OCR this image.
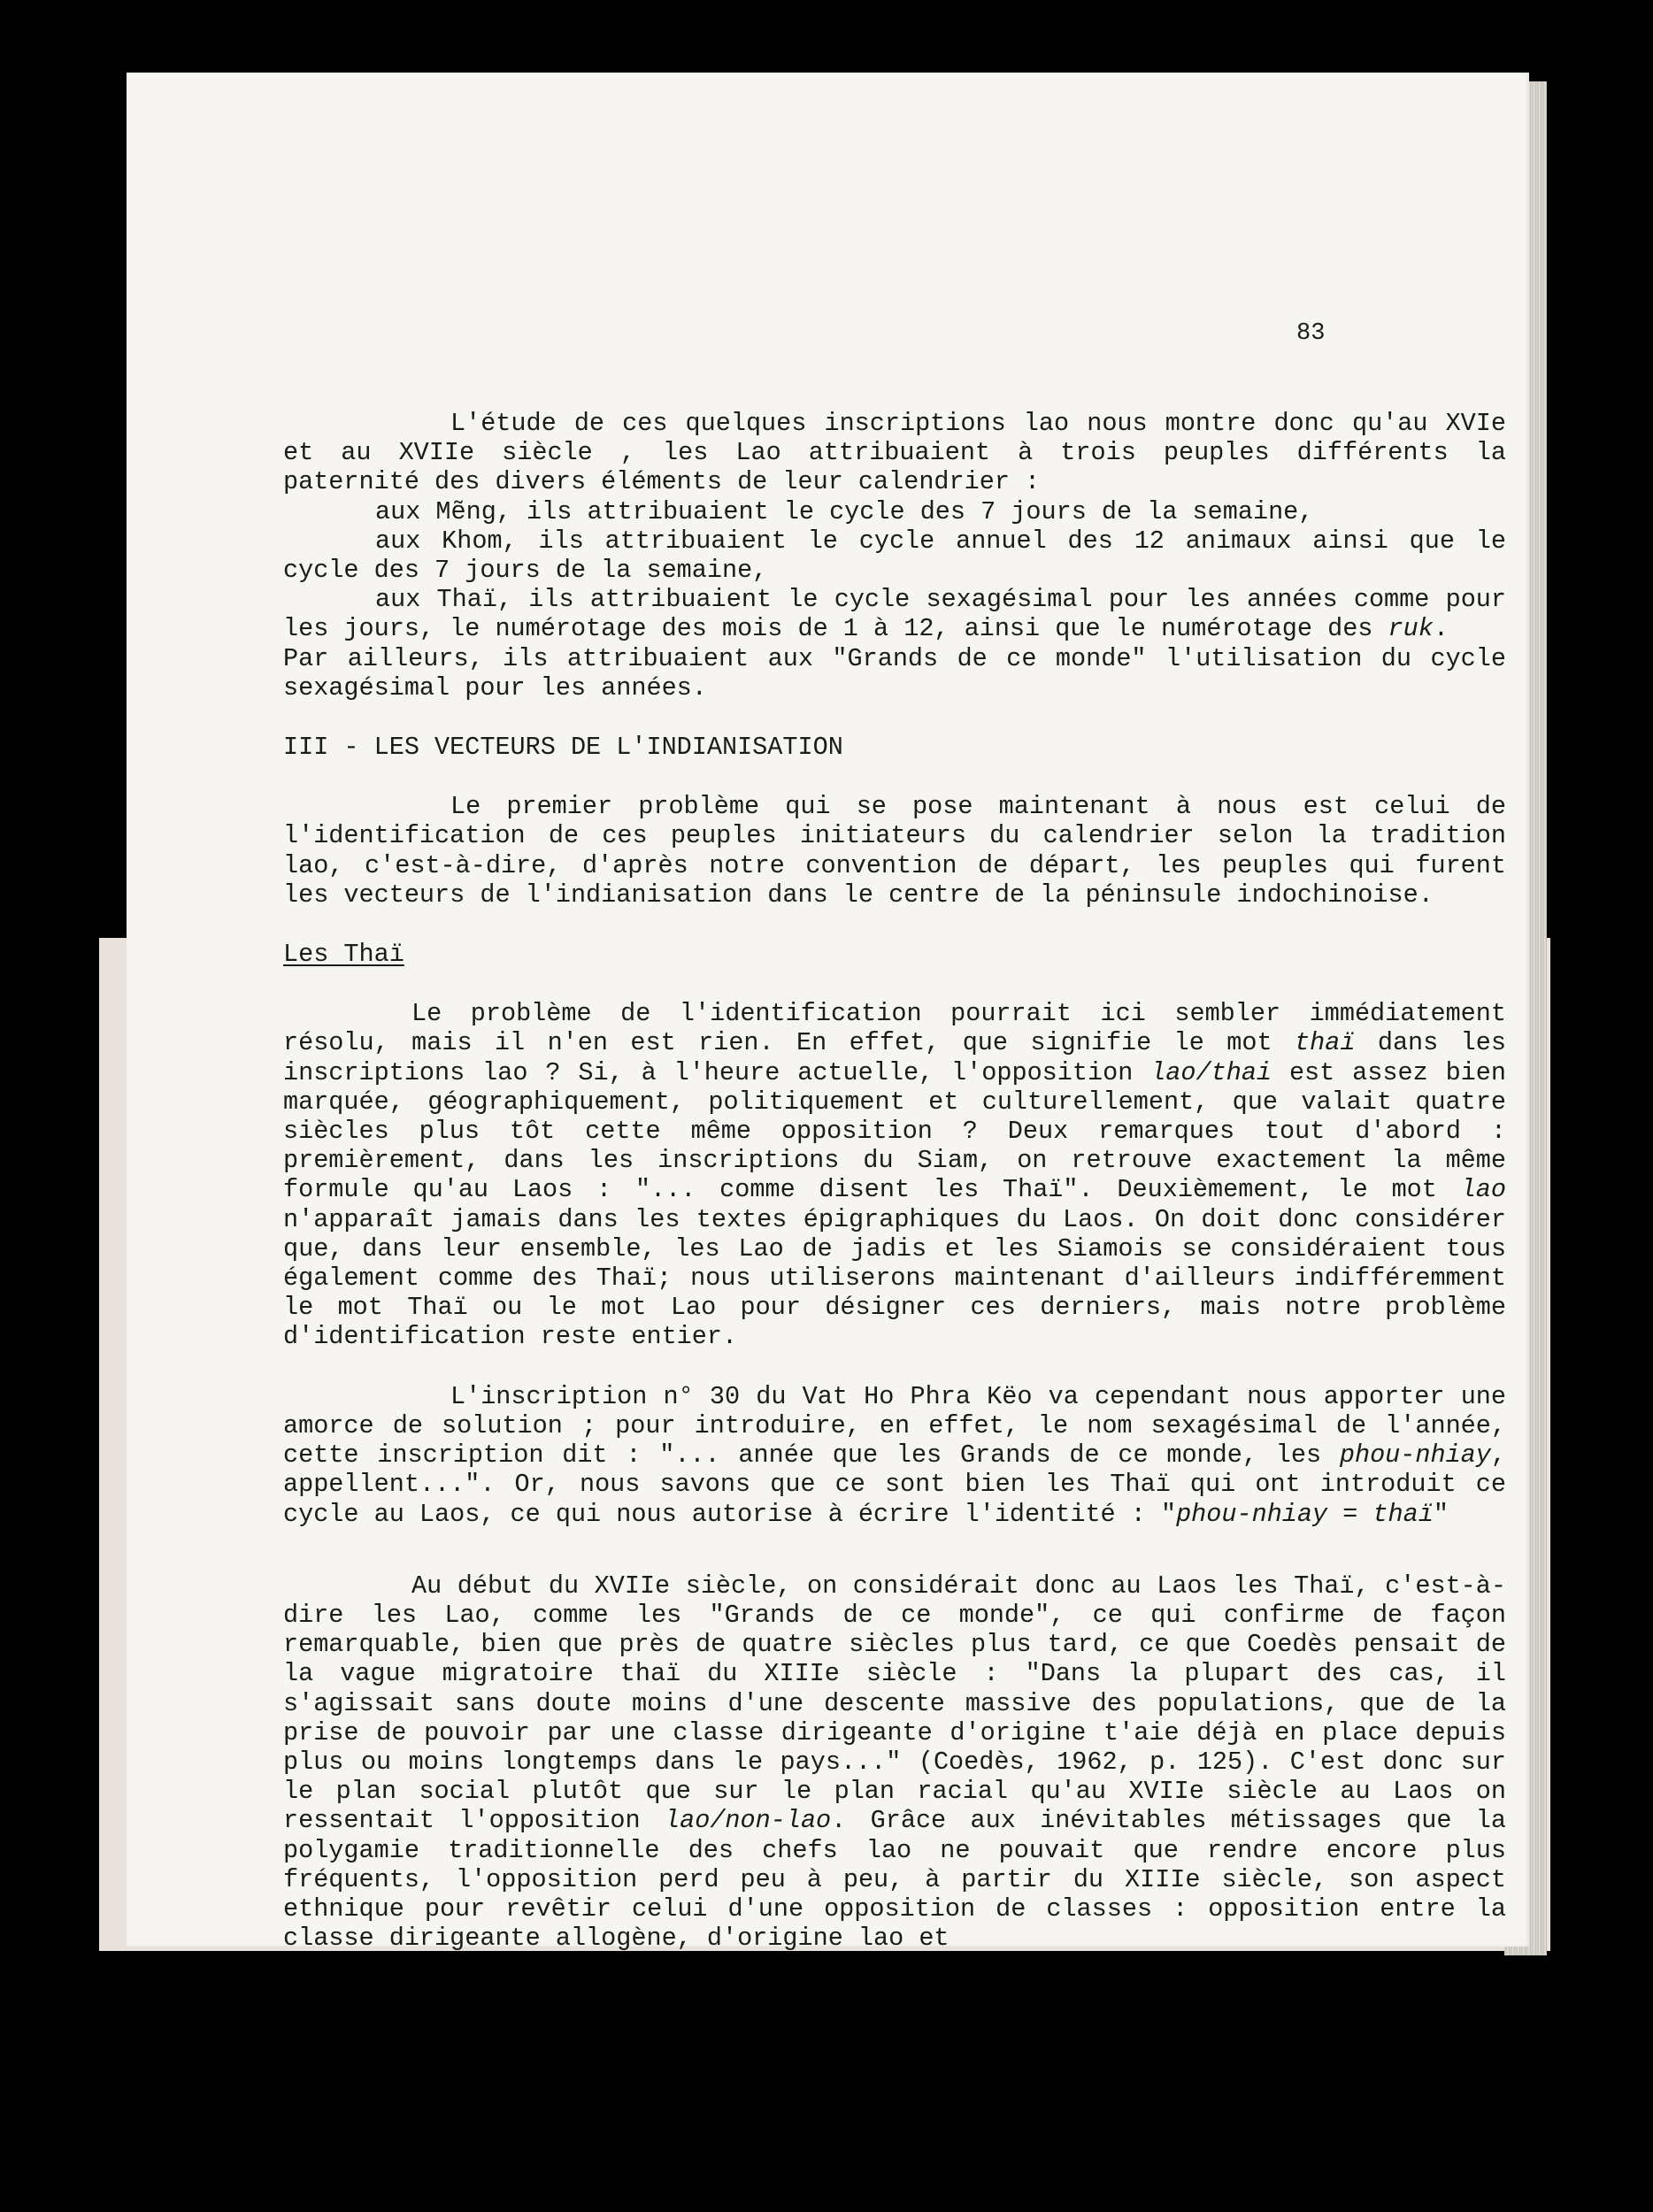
83

L'étude de ces quelques inscriptions lao nous montre donc qu'au XVIe et au XVIIe siècle , les Lao attribuaient à trois peuples différents la paternité des divers éléments de leur calendrier :

aux Mẽng, ils attribuaient le cycle des 7 jours de la semaine,

aux Khom, ils attribuaient le cycle annuel des 12 animaux ainsi que le cycle des 7 jours de la semaine,

aux Thaï, ils attribuaient le cycle sexagésimal pour les années comme pour les jours, le numérotage des mois de 1 à 12, ainsi que le numérotage des ruk.

Par ailleurs, ils attribuaient aux "Grands de ce monde" l'utilisation du cycle sexagésimal pour les années.

III - LES VECTEURS DE L'INDIANISATION

Le premier problème qui se pose maintenant à nous est celui de l'identification de ces peuples initiateurs du calendrier selon la tradition lao, c'est-à-dire, d'après notre convention de départ, les peuples qui furent les vecteurs de l'indianisation dans le centre de la péninsule indochinoise.

Les Thaï

Le problème de l'identification pourrait ici sembler immédiatement résolu, mais il n'en est rien. En effet, que signifie le mot thaï dans les inscriptions lao ? Si, à l'heure actuelle, l'opposition lao/thai est assez bien marquée, géographiquement, politiquement et culturellement, que valait quatre siècles plus tôt cette même opposition ? Deux remarques tout d'abord : premièrement, dans les inscriptions du Siam, on retrouve exactement la même formule qu'au Laos : "... comme disent les Thaï". Deuxièmement, le mot lao n'apparaît jamais dans les textes épigraphiques du Laos. On doit donc considérer que, dans leur ensemble, les Lao de jadis et les Siamois se considéraient tous également comme des Thaï; nous utiliserons maintenant d'ailleurs indifféremment le mot Thaï ou le mot Lao pour désigner ces derniers, mais notre problème d'identification reste entier.

L'inscription n° 30 du Vat Ho Phra Këo va cependant nous apporter une amorce de solution ; pour introduire, en effet, le nom sexagésimal de l'année, cette inscription dit : "... année que les Grands de ce monde, les phou-nhiay, appellent...". Or, nous savons que ce sont bien les Thaï qui ont introduit ce cycle au Laos, ce qui nous autorise à écrire l'identité : "phou-nhiay = thaï"

Au début du XVIIe siècle, on considérait donc au Laos les Thaï, c'est-à-dire les Lao, comme les "Grands de ce monde", ce qui confirme de façon remarquable, bien que près de quatre siècles plus tard, ce que Coedès pensait de la vague migratoire thaï du XIIIe siècle : "Dans la plupart des cas, il s'agissait sans doute moins d'une descente massive des populations, que de la prise de pouvoir par une classe dirigeante d'origine t'aie déjà en place depuis plus ou moins longtemps dans le pays..." (Coedès, 1962, p. 125). C'est donc sur le plan social plutôt que sur le plan racial qu'au XVIIe siècle au Laos on ressentait l'opposition lao/non-lao. Grâce aux inévitables métissages que la polygamie traditionnelle des chefs lao ne pouvait que rendre encore plus fréquents, l'opposition perd peu à peu, à partir du XIIIe siècle, son aspect ethnique pour revêtir celui d'une opposition de classes : opposition entre la classe dirigeante allogène, d'origine lao et
